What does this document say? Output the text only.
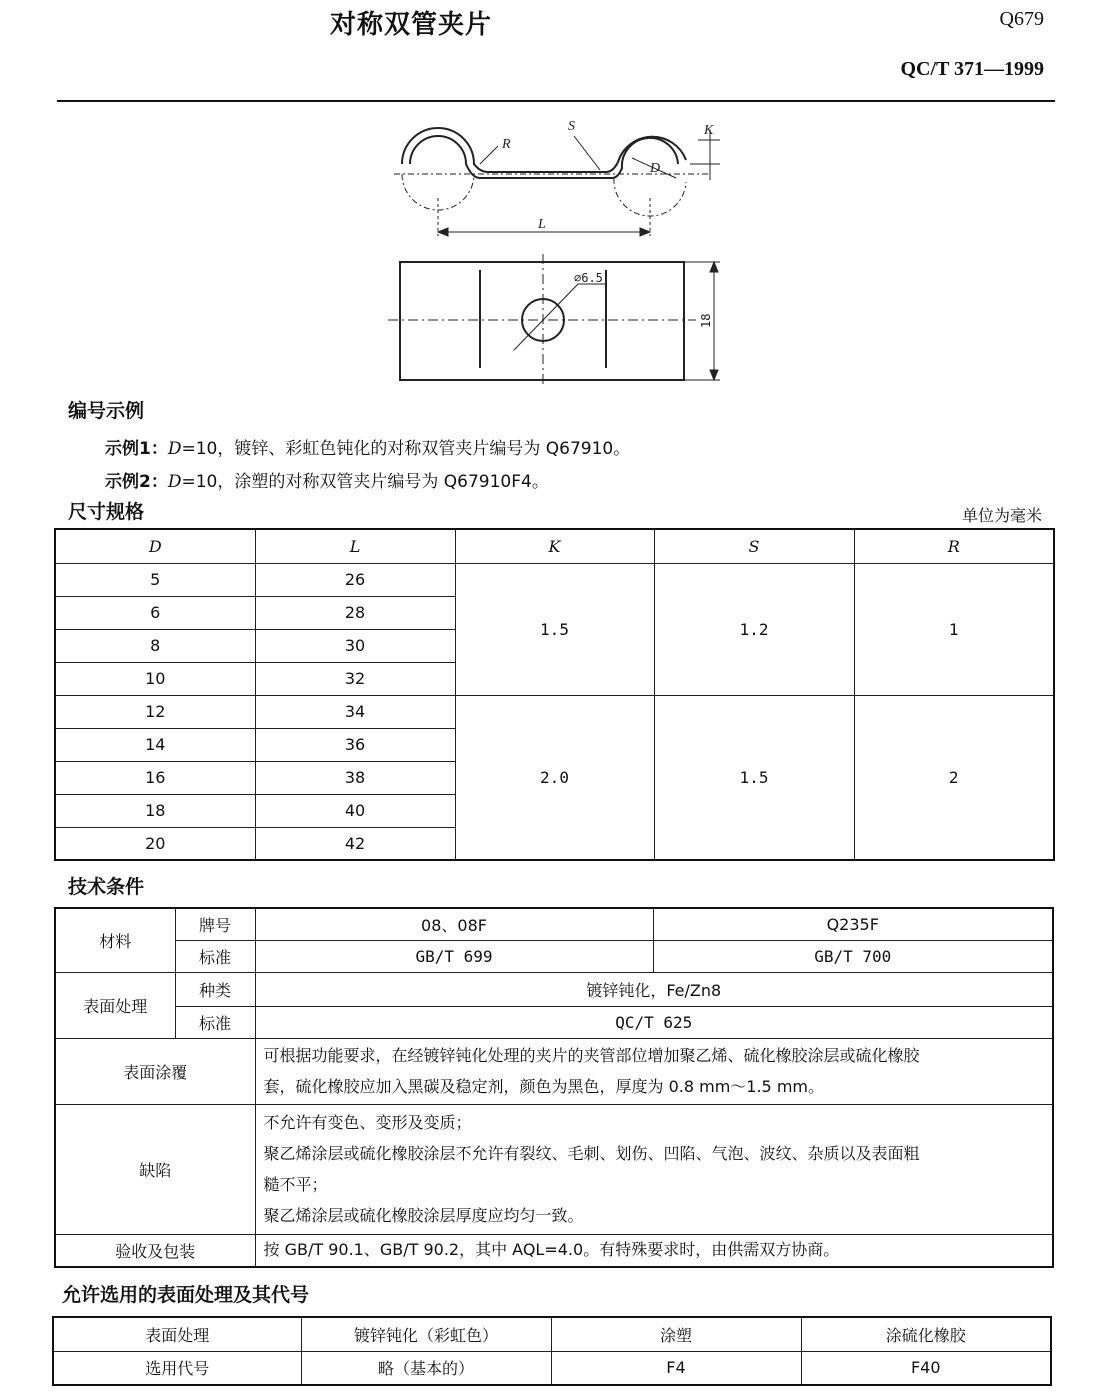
对称双管夹片	Q679
QC/T 371—1999
S	K
R
D
L
∅6.5
18
编号示例
示例1：D=10，镀锌、彩虹色钝化的对称双管夹片编号为 Q67910。
示例2：D=10，涂塑的对称双管夹片编号为 Q67910F4。
尺寸规格	单位为毫米
D	L	K	S	R
5	26	1.5	1.2	1
6	28			
8	30			
10	32			
12	34	2.0	1.5	2
14	36			
16	38			
18	40			
20	42			
技术条件
材料	牌号	08、08F	Q235F
	标准	GB/T 699	GB/T 700
表面处理	种类	镀锌钝化，Fe/Zn8	
	标准	QC/T 625	
表面涂覆		可根据功能要求，在经镀锌钝化处理的夹片的夹管部位增加聚乙烯、硫化橡胶涂层或硫化橡胶
套，硫化橡胶应加入黑碳及稳定剂，颜色为黑色，厚度为 0.8 mm～1.5 mm。	

缺陷		不允许有变色、变形及变质；
聚乙烯涂层或硫化橡胶涂层不允许有裂纹、毛刺、划伤、凹陷、气泡、波纹、杂质以及表面粗
糙不平；
聚乙烯涂层或硫化橡胶涂层厚度应均匀一致。	

验收及包装		按 GB/T 90.1、GB/T 90.2，其中 AQL=4.0。有特殊要求时，由供需双方协商。	
允许选用的表面处理及其代号
表面处理	镀锌钝化（彩虹色）	涂塑	涂硫化橡胶
选用代号	略（基本的）	F4	F40
